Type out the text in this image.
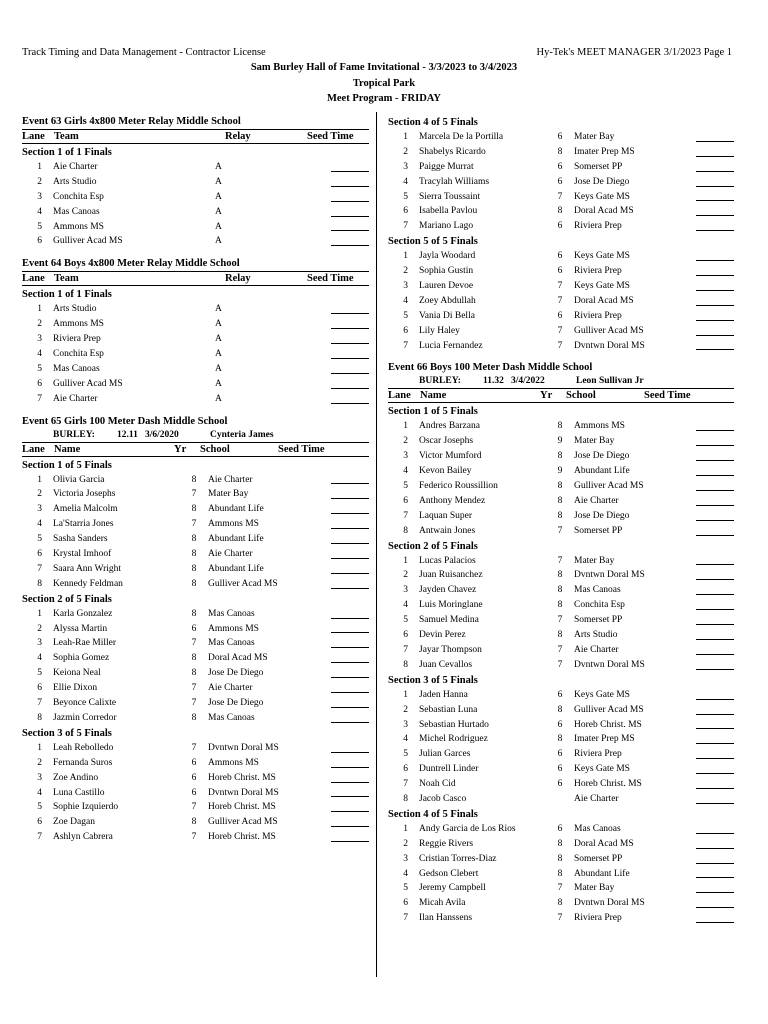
Track Timing and Data Management - Contractor License	Hy-Tek's MEET MANAGER 3/1/2023 Page 1
Sam Burley Hall of Fame Invitational - 3/3/2023 to 3/4/2023
Tropical Park
Meet Program - FRIDAY
Event 63 Girls 4x800 Meter Relay Middle School
Lane Team	Relay	Seed Time
Section 1 of 1 Finals
1	Aie Charter	A
2	Arts Studio	A
3	Conchita Esp	A
4	Mas Canoas	A
5	Ammons MS	A
6	Gulliver Acad MS	A
Event 64 Boys 4x800 Meter Relay Middle School
Lane Team	Relay	Seed Time
Section 1 of 1 Finals
1	Arts Studio	A
2	Ammons MS	A
3	Riviera Prep	A
4	Conchita Esp	A
5	Mas Canoas	A
6	Gulliver Acad MS	A
7	Aie Charter	A
Event 65 Girls 100 Meter Dash Middle School
BURLEY:	12.11 3/6/2020	Cynteria James
Lane Name	Yr	School	Seed Time
Section 1 of 5 Finals
1	Olivia Garcia	8	Aie Charter
2	Victoria Josephs	7	Mater Bay
3	Amelia Malcolm	8	Abundant Life
4	La'Starria Jones	7	Ammons MS
5	Sasha Sanders	8	Abundant Life
6	Krystal Imhoof	8	Aie Charter
7	Saara Ann Wright	8	Abundant Life
8	Kennedy Feldman	8	Gulliver Acad MS
Section 2 of 5 Finals
1	Karla Gonzalez	8	Mas Canoas
2	Alyssa Martin	6	Ammons MS
3	Leah-Rae Miller	7	Mas Canoas
4	Sophia Gomez	8	Doral Acad MS
5	Keiona Neal	8	Jose De Diego
6	Ellie Dixon	7	Aie Charter
7	Beyonce Calixte	7	Jose De Diego
8	Jazmin Corredor	8	Mas Canoas
Section 3 of 5 Finals
1	Leah Rebolledo	7	Dvntwn Doral MS
2	Fernanda Suros	6	Ammons MS
3	Zoe Andino	6	Horeb Christ. MS
4	Luna Castillo	6	Dvntwn Doral MS
5	Sophie Izquierdo	7	Horeb Christ. MS
6	Zoe Dagan	8	Gulliver Acad MS
7	Ashlyn Cabrera	7	Horeb Christ. MS
Section 4 of 5 Finals
1	Marcela De la Portilla	6	Mater Bay
2	Shabelys Ricardo	8	Imater Prep MS
3	Paigge Murrat	6	Somerset PP
4	Tracylah Williams	6	Jose De Diego
5	Sierra Toussaint	7	Keys Gate MS
6	Isabella Pavlou	8	Doral Acad MS
7	Mariano Lago	6	Riviera Prep
Section 5 of 5 Finals
1	Jayla Woodard	6	Keys Gate MS
2	Sophia Gustin	6	Riviera Prep
3	Lauren Devoe	7	Keys Gate MS
4	Zoey Abdullah	7	Doral Acad MS
5	Vania Di Bella	6	Riviera Prep
6	Lily Haley	7	Gulliver Acad MS
7	Lucia Fernandez	7	Dvntwn Doral MS
Event 66 Boys 100 Meter Dash Middle School
BURLEY:	11.32 3/4/2022	Leon Sullivan Jr
Lane Name	Yr	School	Seed Time
Section 1 of 5 Finals
1	Andres Barzana	8	Ammons MS
2	Oscar Josephs	9	Mater Bay
3	Victor Mumford	8	Jose De Diego
4	Kevon Bailey	9	Abundant Life
5	Federico Roussillion	8	Gulliver Acad MS
6	Anthony Mendez	8	Aie Charter
7	Laquan Super	8	Jose De Diego
8	Antwain Jones	7	Somerset PP
Section 2 of 5 Finals
1	Lucas Palacios	7	Mater Bay
2	Juan Ruisanchez	8	Dvntwn Doral MS
3	Jayden Chavez	8	Mas Canoas
4	Luis Moringlane	8	Conchita Esp
5	Samuel Medina	7	Somerset PP
6	Devin Perez	8	Arts Studio
7	Jayar Thompson	7	Aie Charter
8	Juan Cevallos	7	Dvntwn Doral MS
Section 3 of 5 Finals
1	Jaden Hanna	6	Keys Gate MS
2	Sebastian Luna	8	Gulliver Acad MS
3	Sebastian Hurtado	6	Horeb Christ. MS
4	Michel Rodriguez	8	Imater Prep MS
5	Julian Garces	6	Riviera Prep
6	Duntrell Linder	6	Keys Gate MS
7	Noah Cid	6	Horeb Christ. MS
8	Jacob Casco	Aie Charter
Section 4 of 5 Finals
1	Andy Garcia de Los Rios	6	Mas Canoas
2	Reggie Rivers	8	Doral Acad MS
3	Cristian Torres-Diaz	8	Somerset PP
4	Gedson Clebert	8	Abundant Life
5	Jeremy Campbell	7	Mater Bay
6	Micah Avila	8	Dvntwn Doral MS
7	Ilan Hanssens	7	Riviera Prep
